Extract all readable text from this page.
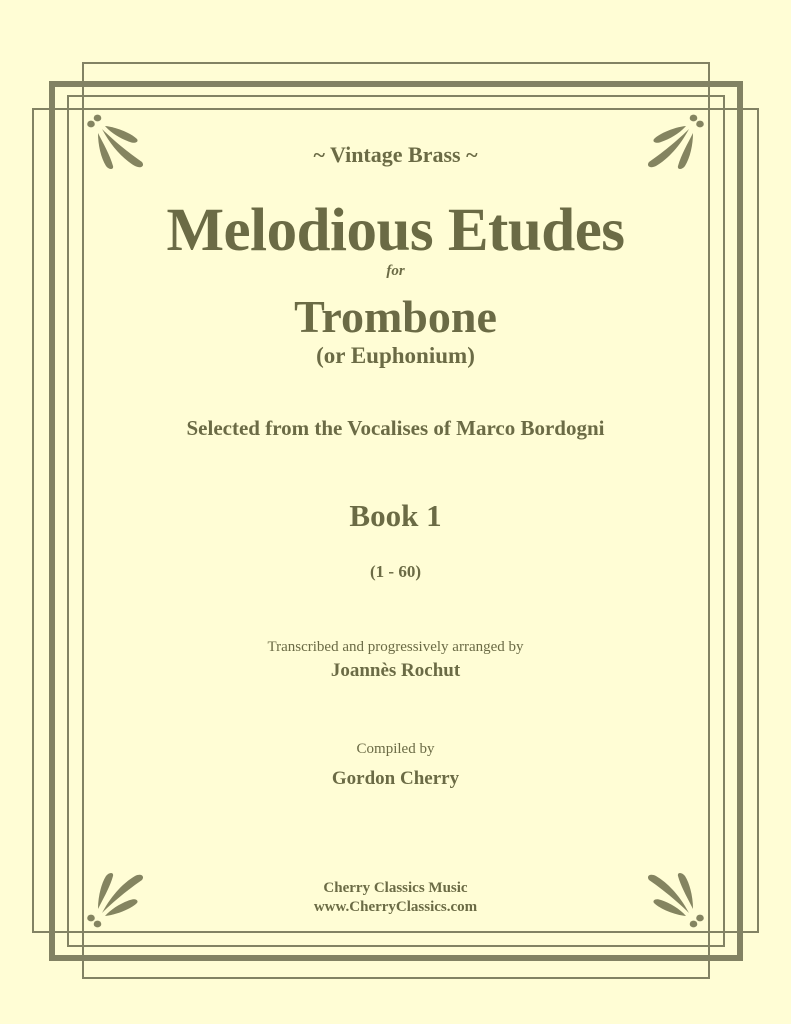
~ Vintage Brass ~
Melodious Etudes
for
Trombone
(or Euphonium)
Selected from the Vocalises of Marco Bordogni
Book 1
(1 - 60)
Transcribed and progressively arranged by
Joannès Rochut
Compiled by
Gordon Cherry
Cherry Classics Music
www.CherryClassics.com
